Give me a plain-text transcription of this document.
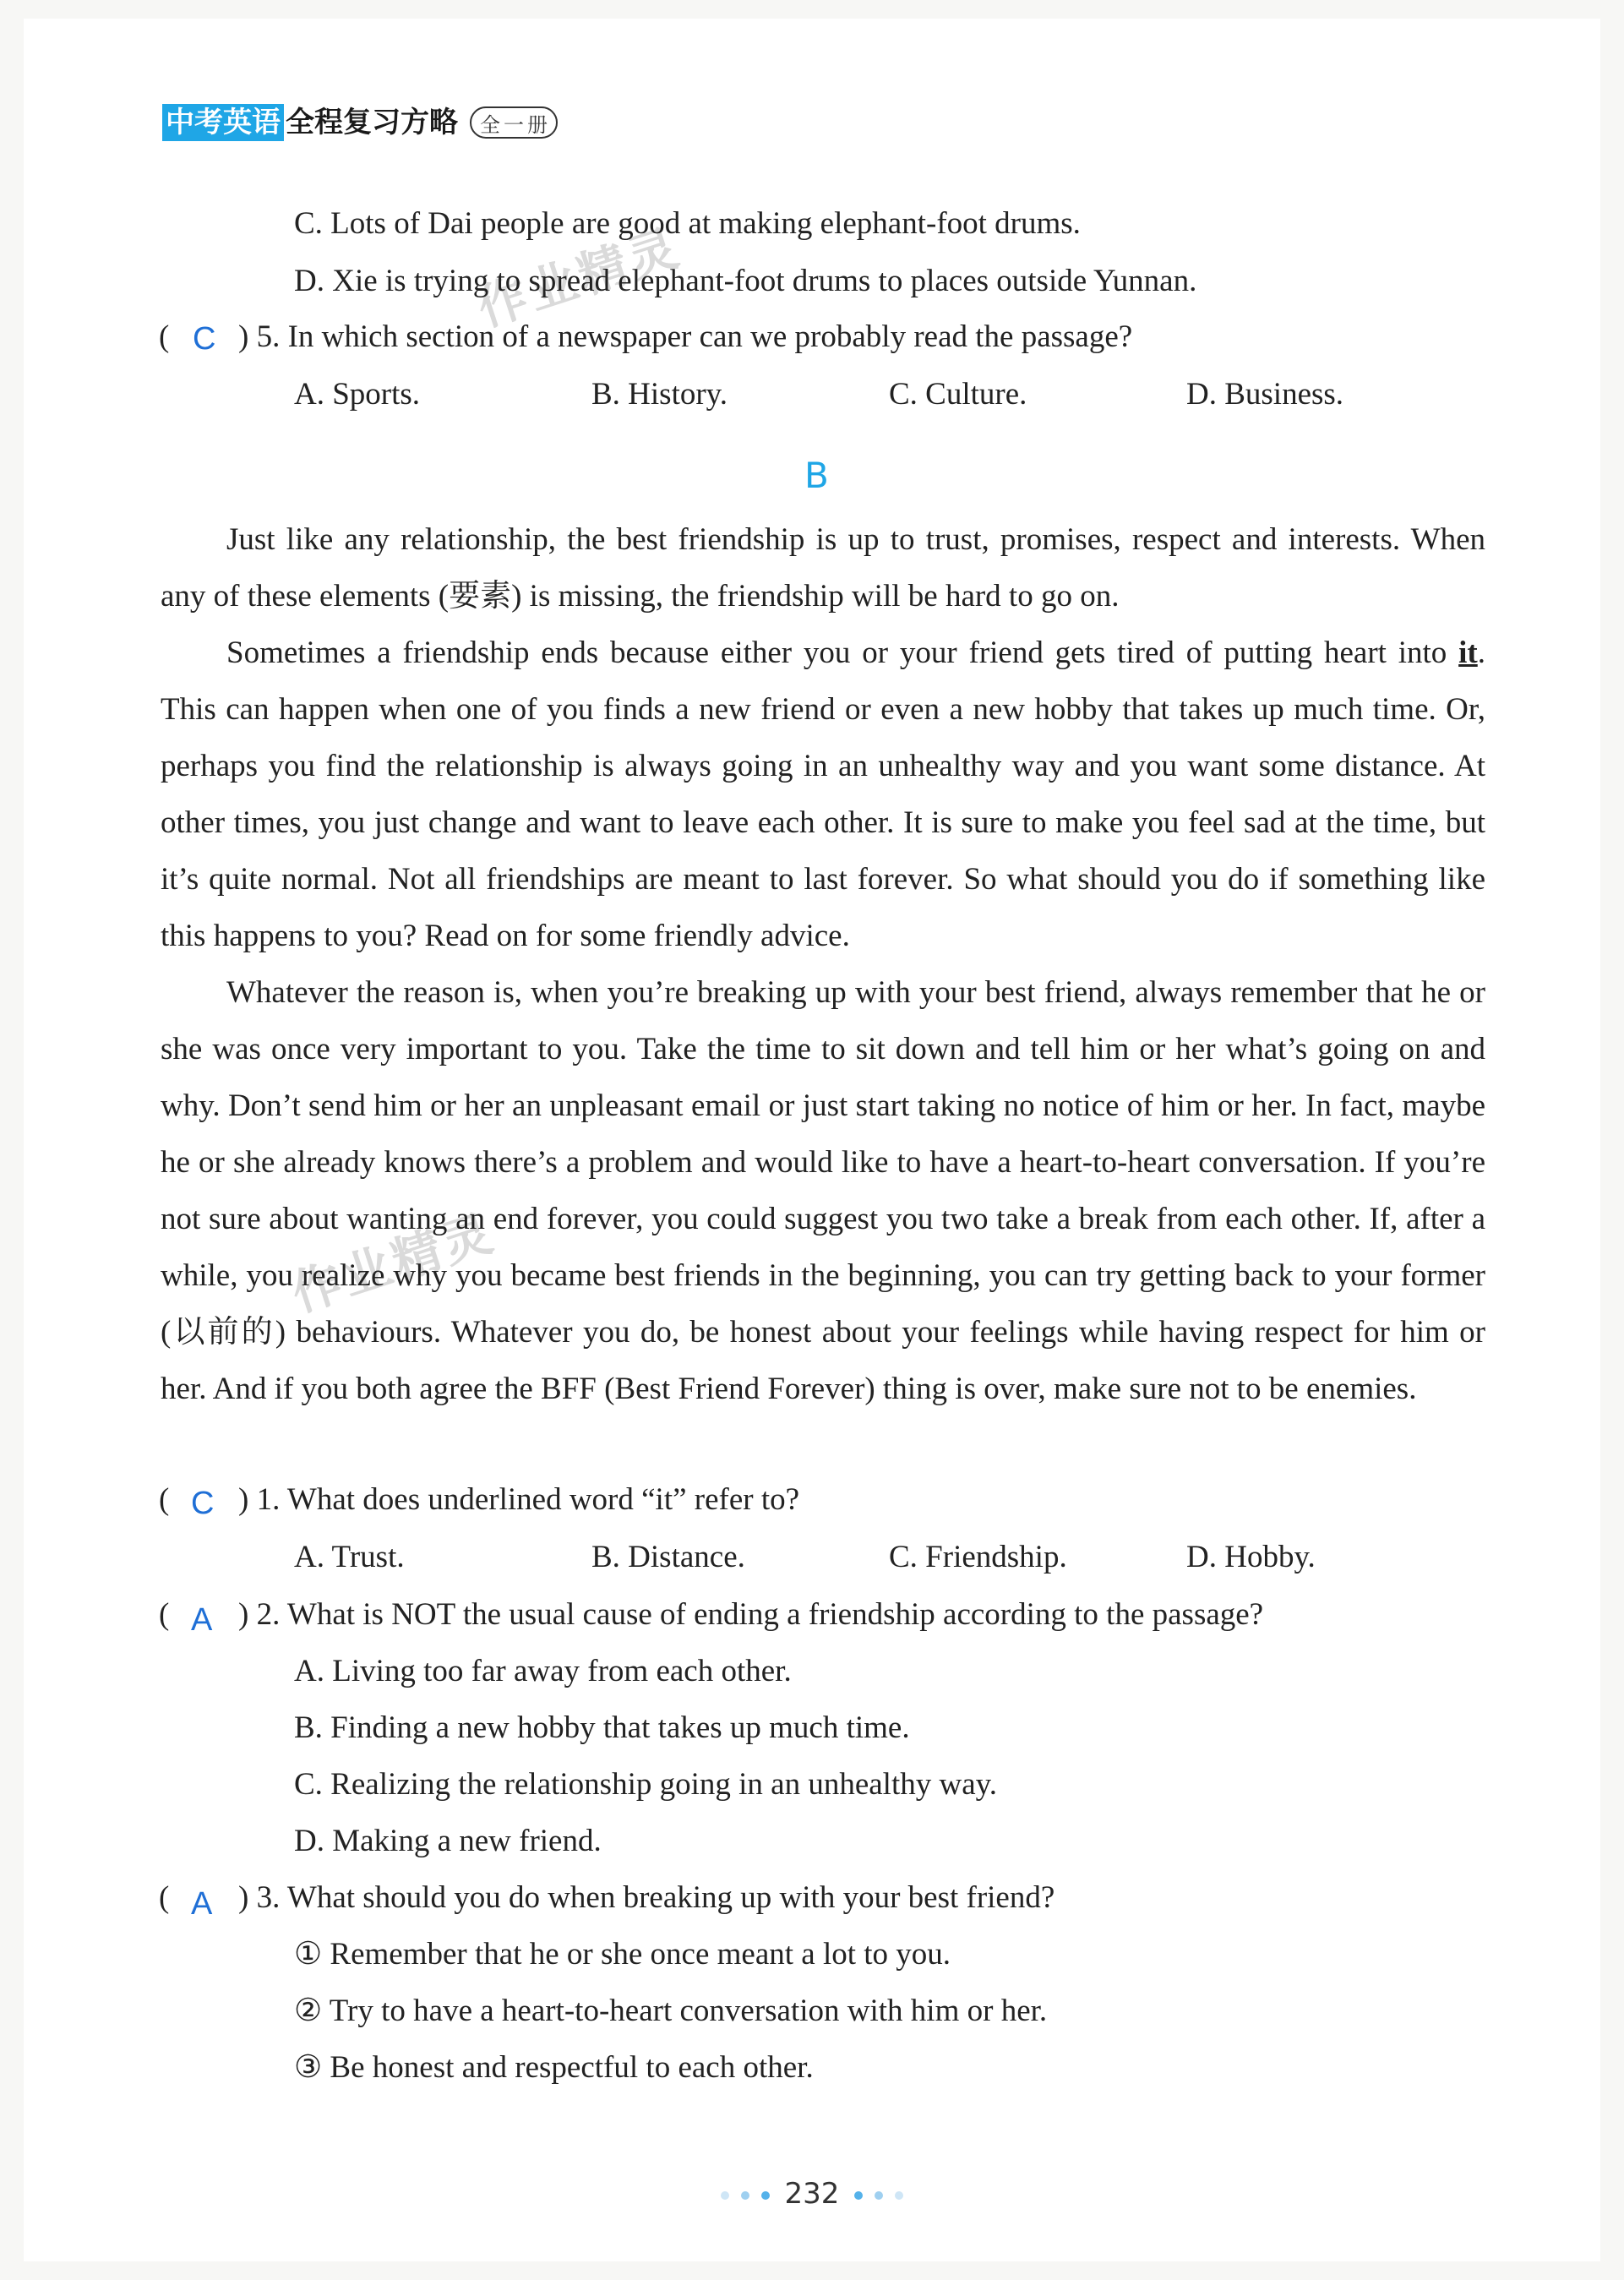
中考英语 全程复习方略 全 一 册
作业精灵
作业精灵
C. Lots of Dai people are good at making elephant-foot drums.
D. Xie is trying to spread elephant-foot drums to places outside Yunnan.
( C ) 5. In which section of a newspaper can we probably read the passage?
A. Sports.	B. History.	C. Culture.	D. Business.
B

Just like any relationship, the best friendship is up to trust, promises, respect and interests. When any of these elements (要素) is missing, the friendship will be hard to go on.

Sometimes a friendship ends because either you or your friend gets tired of putting heart into it. This can happen when one of you finds a new friend or even a new hobby that takes up much time. Or, perhaps you find the relationship is always going in an unhealthy way and you want some distance. At other times, you just change and want to leave each other. It is sure to make you feel sad at the time, but it’s quite normal. Not all friendships are meant to last forever. So what should you do if something like this happens to you? Read on for some friendly advice.

Whatever the reason is, when you’re breaking up with your best friend, always remember that he or she was once very important to you. Take the time to sit down and tell him or her what’s going on and why. Don’t send him or her an unpleasant email or just start taking no notice of him or her. In fact, maybe he or she already knows there’s a problem and would like to have a heart-to-heart conversation. If you’re not sure about wanting an end forever, you could suggest you two take a break from each other. If, after a while, you realize why you became best friends in the beginning, you can try getting back to your former (以前的) behaviours. Whatever you do, be honest about your feelings while having respect for him or her. And if you both agree the BFF (Best Friend Forever) thing is over, make sure not to be enemies.

( C ) 1. What does underlined word “it” refer to?
A. Trust.	B. Distance.	C. Friendship.	D. Hobby.
( A ) 2. What is NOT the usual cause of ending a friendship according to the passage?
A. Living too far away from each other.
B. Finding a new hobby that takes up much time.
C. Realizing the relationship going in an unhealthy way.
D. Making a new friend.
( A ) 3. What should you do when breaking up with your best friend?
① Remember that he or she once meant a lot to you.
② Try to have a heart-to-heart conversation with him or her.
③ Be honest and respectful to each other.
232
